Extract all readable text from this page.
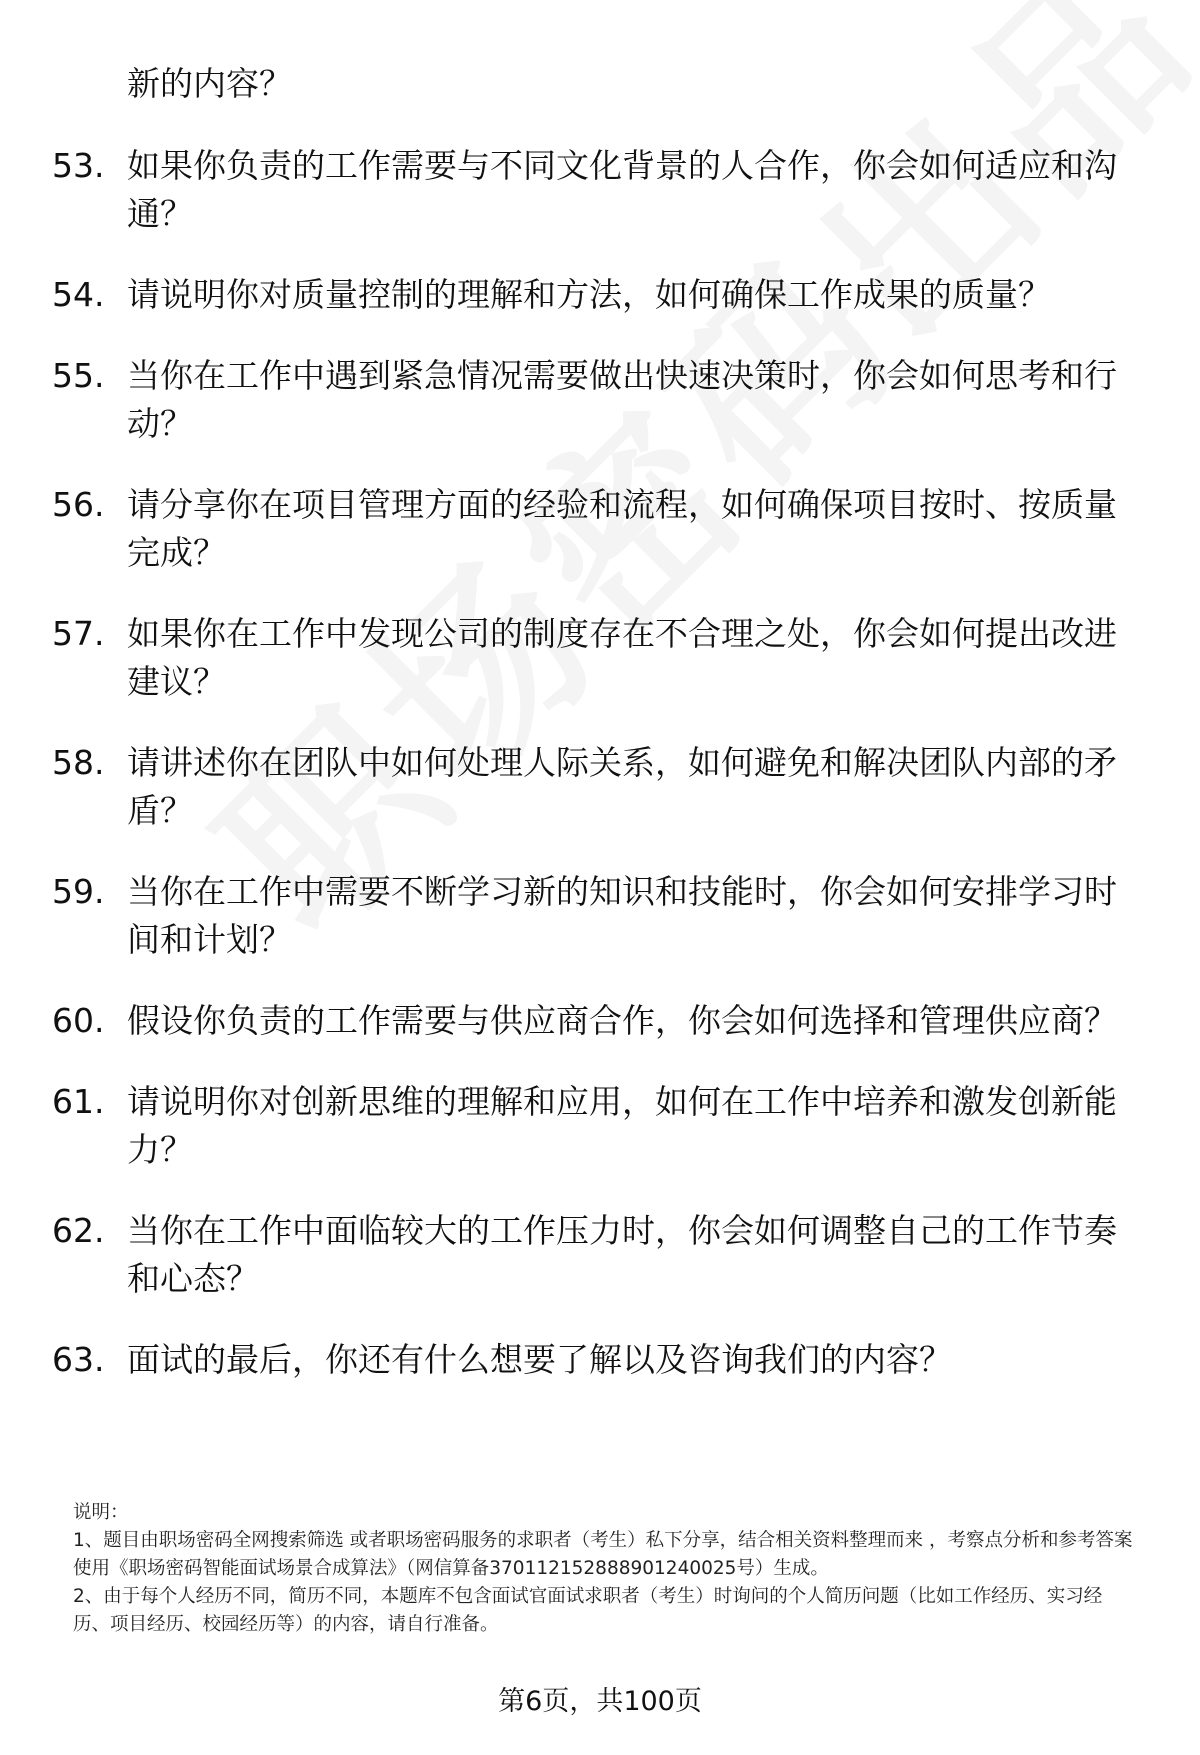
新的内容？

53. 如果你负责的工作需要与不同文化背景的人合作，你会如何适应和沟通？
54. 请说明你对质量控制的理解和方法，如何确保工作成果的质量？
55. 当你在工作中遇到紧急情况需要做出快速决策时，你会如何思考和行动？
56. 请分享你在项目管理方面的经验和流程，如何确保项目按时、按质量完成？
57. 如果你在工作中发现公司的制度存在不合理之处，你会如何提出改进建议？
58. 请讲述你在团队中如何处理人际关系，如何避免和解决团队内部的矛盾？
59. 当你在工作中需要不断学习新的知识和技能时，你会如何安排学习时间和计划？
60. 假设你负责的工作需要与供应商合作，你会如何选择和管理供应商？
61. 请说明你对创新思维的理解和应用，如何在工作中培养和激发创新能力？
62. 当你在工作中面临较大的工作压力时，你会如何调整自己的工作节奏和心态？
63. 面试的最后，你还有什么想要了解以及咨询我们的内容？

说明：

1、题目由职场密码全网搜索筛选 或者职场密码服务的求职者（考生）私下分享，结合相关资料整理而来 ，考察点分析和参考答案使用《职场密码智能面试场景合成算法》（网信算备370112152888901240025号）生成。

2、由于每个人经历不同，简历不同，本题库不包含面试官面试求职者（考生）时询问的个人简历问题（比如工作经历、实习经历、项目经历、校园经历等）的内容，请自行准备。

第6页，共100页
